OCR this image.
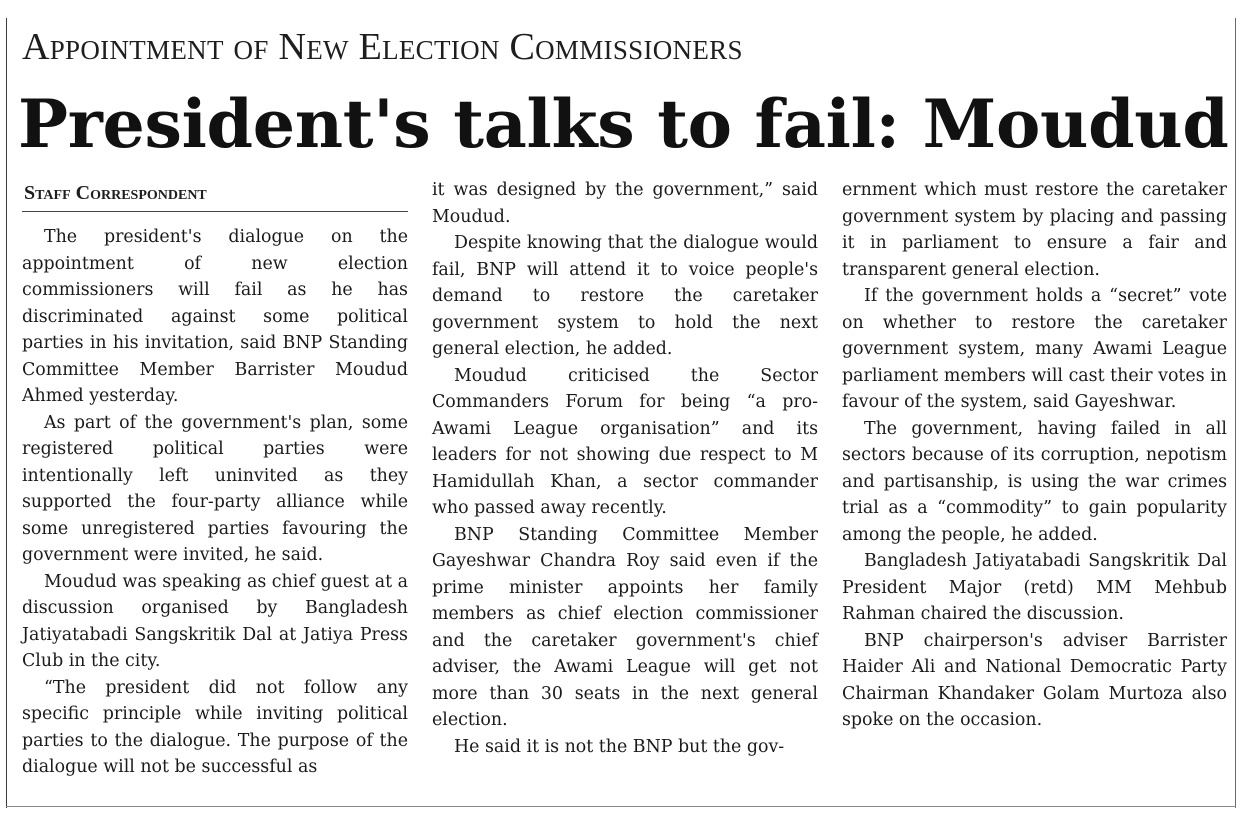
Appointment of New Election Commissioners
President's talks to fail: Moudud
Staff Correspondent

The president's dialogue on the appointment of new election commissioners will fail as he has discriminated against some political parties in his invitation, said BNP Standing Committee Member Barrister Moudud Ahmed yesterday.

As part of the government's plan, some registered political parties were intentionally left uninvited as they supported the four-party alliance while some unregistered parties favouring the government were invited, he said.

Moudud was speaking as chief guest at a discussion organised by Bangladesh Jatiyatabadi Sangskritik Dal at Jatiya Press Club in the city.

“The president did not follow any specific principle while inviting political parties to the dialogue. The purpose of the dialogue will not be successful as

it was designed by the government,” said Moudud.

Despite knowing that the dialogue would fail, BNP will attend it to voice people's demand to restore the caretaker government system to hold the next general election, he added.

Moudud criticised the Sector Commanders Forum for being “a pro-Awami League organisation” and its leaders for not showing due respect to M Hamidullah Khan, a sector commander who passed away recently.

BNP Standing Committee Member Gayeshwar Chandra Roy said even if the prime minister appoints her family members as chief election commissioner and the caretaker government's chief adviser, the Awami League will get not more than 30 seats in the next general election.

He said it is not the BNP but the gov-

ernment which must restore the caretaker government system by placing and passing it in parliament to ensure a fair and transparent general election.

If the government holds a “secret” vote on whether to restore the caretaker government system, many Awami League parliament members will cast their votes in favour of the system, said Gayeshwar.

The government, having failed in all sectors because of its corruption, nepotism and partisanship, is using the war crimes trial as a “commodity” to gain popularity among the people, he added.

Bangladesh Jatiyatabadi Sangskritik Dal President Major (retd) MM Mehbub Rahman chaired the discussion.

BNP chairperson's adviser Barrister Haider Ali and National Democratic Party Chairman Khandaker Golam Murtoza also spoke on the occasion.
